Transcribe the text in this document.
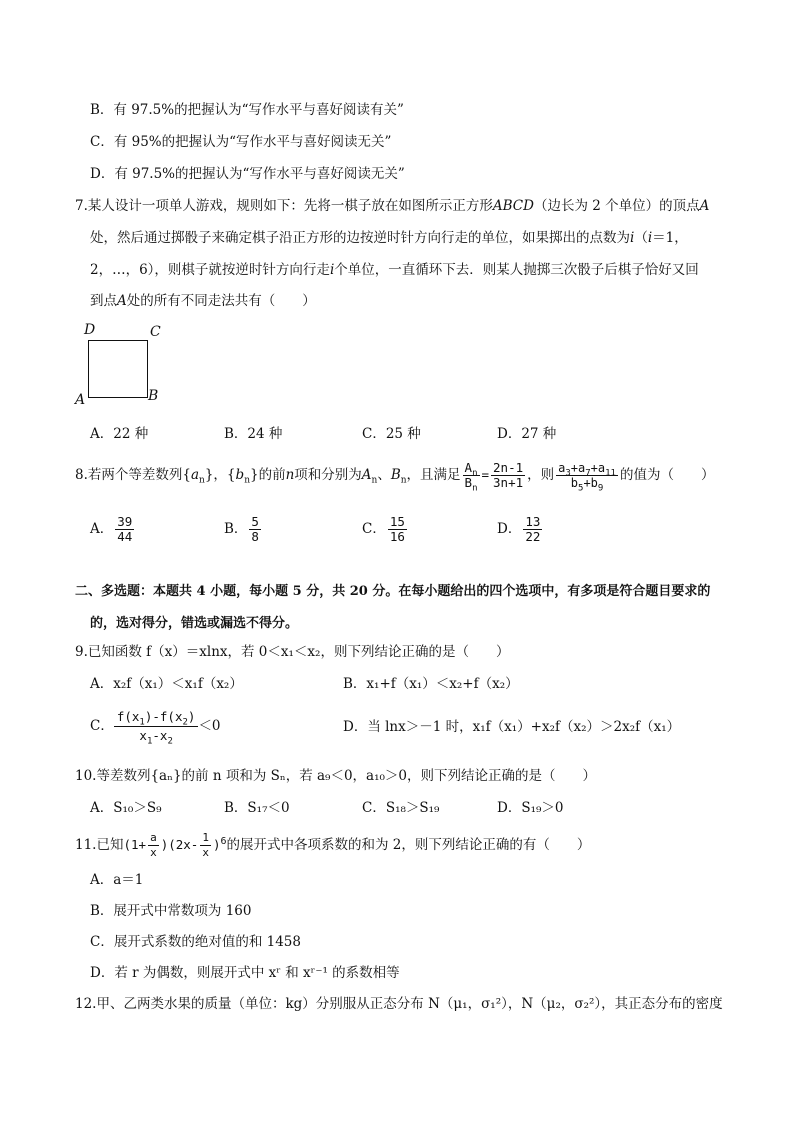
B．有 97.5%的把握认为“写作水平与喜好阅读有关”
C．有 95%的把握认为“写作水平与喜好阅读无关”
D．有 97.5%的把握认为“写作水平与喜好阅读无关”
7.某人设计一项单人游戏，规则如下：先将一棋子放在如图所示正方形ABCD（边长为 2 个单位）的顶点A
处，然后通过掷骰子来确定棋子沿正方形的边按逆时针方向行走的单位，如果掷出的点数为i（i＝1，
2，…，6），则棋子就按逆时针方向行走i个单位，一直循环下去．则某人抛掷三次骰子后棋子恰好又回
到点A处的所有不同走法共有（　　）
D	C
A	B
A．22 种	B．24 种	C．25 种	D．27 种
8.若两个等差数列$\{a_n\}$，$\{b_n\}$的前n项和分别为$A_n$、$B_n$，且满足 $\frac{A_n}{B_n} = \frac{2n-1}{3n+1}$ ，则 $\frac{a_3+a_7+a_{11}}{b_5+b_9}$ 的值为（　　）
A． $\frac{39}{44}$	B． $\frac{5}{8}$	C． $\frac{15}{16}$	D． $\frac{13}{22}$
二、多选题：本题共 4 小题，每小题 5 分，共 20 分。在每小题给出的四个选项中，有多项是符合题目要求的
的，选对得分，错选或漏选不得分。
9.已知函数 f（x）＝xlnx，若 0＜x₁＜x₂，则下列结论正确的是（　　）
A．x₂f（x₁）＜x₁f（x₂）	B．x₁+f（x₁）＜x₂+f（x₂）
C． $\frac{f(x_1)-f(x_2)}{x_1-x_2} <0$	D．当 lnx＞－1 时，x₁f（x₁）+x₂f（x₂）＞2x₂f（x₁）
10.等差数列{aₙ}的前 n 项和为 Sₙ，若 a₉＜0，a₁₀＞0，则下列结论正确的是（　　）
A．S₁₀＞S₉	B．S₁₇＜0	C．S₁₈＞S₁₉	D．S₁₉＞0
11.已知$(1+ \frac{a}{x} )(2x- \frac{1}{x} )^6$的展开式中各项系数的和为 2，则下列结论正确的有（　　）
A．a＝1
B．展开式中常数项为 160
C．展开式系数的绝对值的和 1458
D．若 r 为偶数，则展开式中 xʳ 和 xʳ⁻¹ 的系数相等
12.甲、乙两类水果的质量（单位：kg）分别服从正态分布 N（μ₁，σ₁²），N（μ₂，σ₂²），其正态分布的密度
